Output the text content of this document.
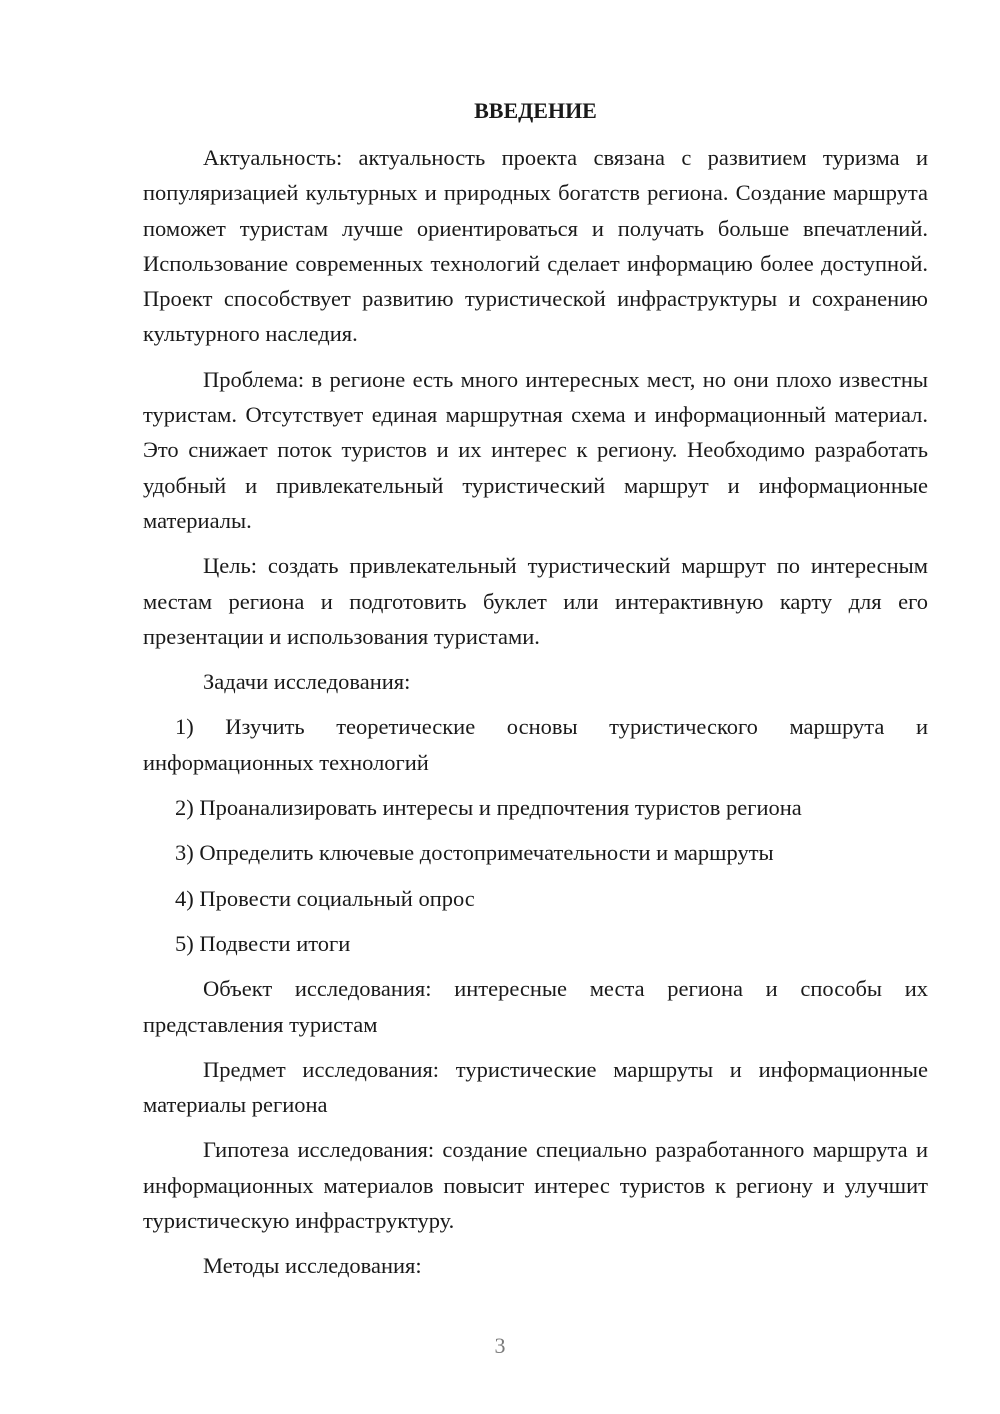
ВВЕДЕНИЕ
Актуальность: актуальность проекта связана с развитием туризма и популяризацией культурных и природных богатств региона. Создание маршрута поможет туристам лучше ориентироваться и получать больше впечатлений. Использование современных технологий сделает информацию более доступной. Проект способствует развитию туристической инфраструктуры и сохранению культурного наследия.
Проблема: в регионе есть много интересных мест, но они плохо известны туристам. Отсутствует единая маршрутная схема и информационный материал. Это снижает поток туристов и их интерес к региону. Необходимо разработать удобный и привлекательный туристический маршрут и информационные материалы.
Цель: создать привлекательный туристический маршрут по интересным местам региона и подготовить буклет или интерактивную карту для его презентации и использования туристами.
Задачи исследования:
1) Изучить теоретические основы туристического маршрута и информационных технологий
2) Проанализировать интересы и предпочтения туристов региона
3) Определить ключевые достопримечательности и маршруты
4) Провести социальный опрос
5) Подвести итоги
Объект исследования: интересные места региона и способы их представления туристам
Предмет исследования: туристические маршруты и информационные материалы региона
Гипотеза исследования: создание специально разработанного маршрута и информационных материалов повысит интерес туристов к региону и улучшит туристическую инфраструктуру.
Методы исследования:
3
